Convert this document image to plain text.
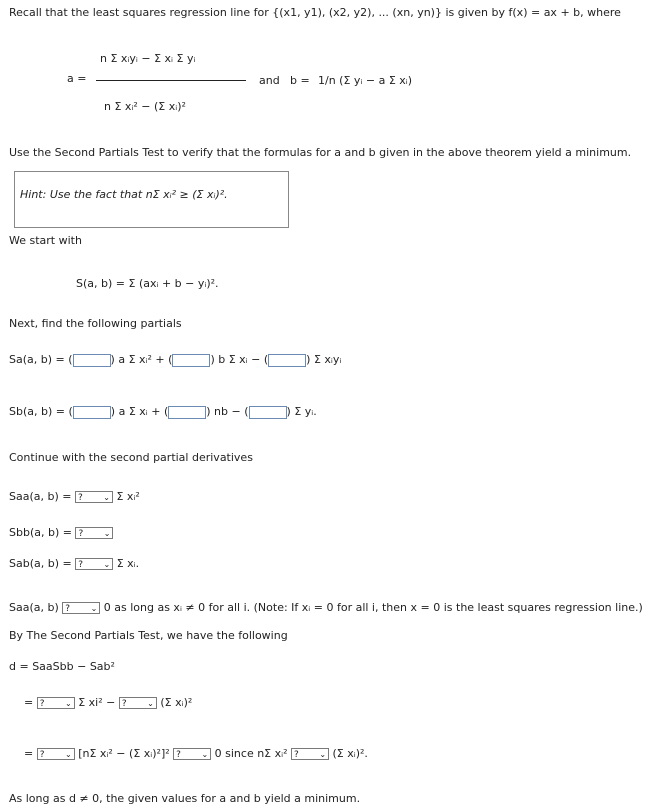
Recall that the least squares regression line for {(x1, y1), (x2, y2), ... (xn, yn)} is given by f(x) = ax + b, where
a =
n Σ xᵢyᵢ − Σ xᵢ Σ yᵢ
n Σ xᵢ² − (Σ xᵢ)²
and b = 1/n (Σ yᵢ − a Σ xᵢ)
Use the Second Partials Test to verify that the formulas for a and b given in the above theorem yield a minimum.
Hint: Use the fact that nΣ xᵢ² ≥ (Σ xᵢ)².
We start with
S(a, b) = Σ (axᵢ + b − yᵢ)².
Next, find the following partials
Sa(a, b) = (	) a Σ xᵢ² + (	) b Σ xᵢ − (	) Σ xᵢyᵢ
Sb(a, b) = (	) a Σ xᵢ + (	) nb − (	) Σ yᵢ.
Continue with the second partial derivatives
Saa(a, b) = ?	⌄ Σ xᵢ²
Sbb(a, b) = ?	⌄
Sab(a, b) = ?	⌄ Σ xᵢ.
Saa(a, b) ?	⌄ 0 as long as xᵢ ≠ 0 for all i. (Note: If xᵢ = 0 for all i, then x = 0 is the least squares regression line.)
By The Second Partials Test, we have the following
d = SaaSbb − Sab²
= ?	⌄ Σ xi² − ?	⌄ (Σ xᵢ)²
= ?	⌄ [nΣ xᵢ² − (Σ xᵢ)²]² ?	⌄ 0 since nΣ xᵢ² ?	⌄ (Σ xᵢ)².
As long as d ≠ 0, the given values for a and b yield a minimum.
